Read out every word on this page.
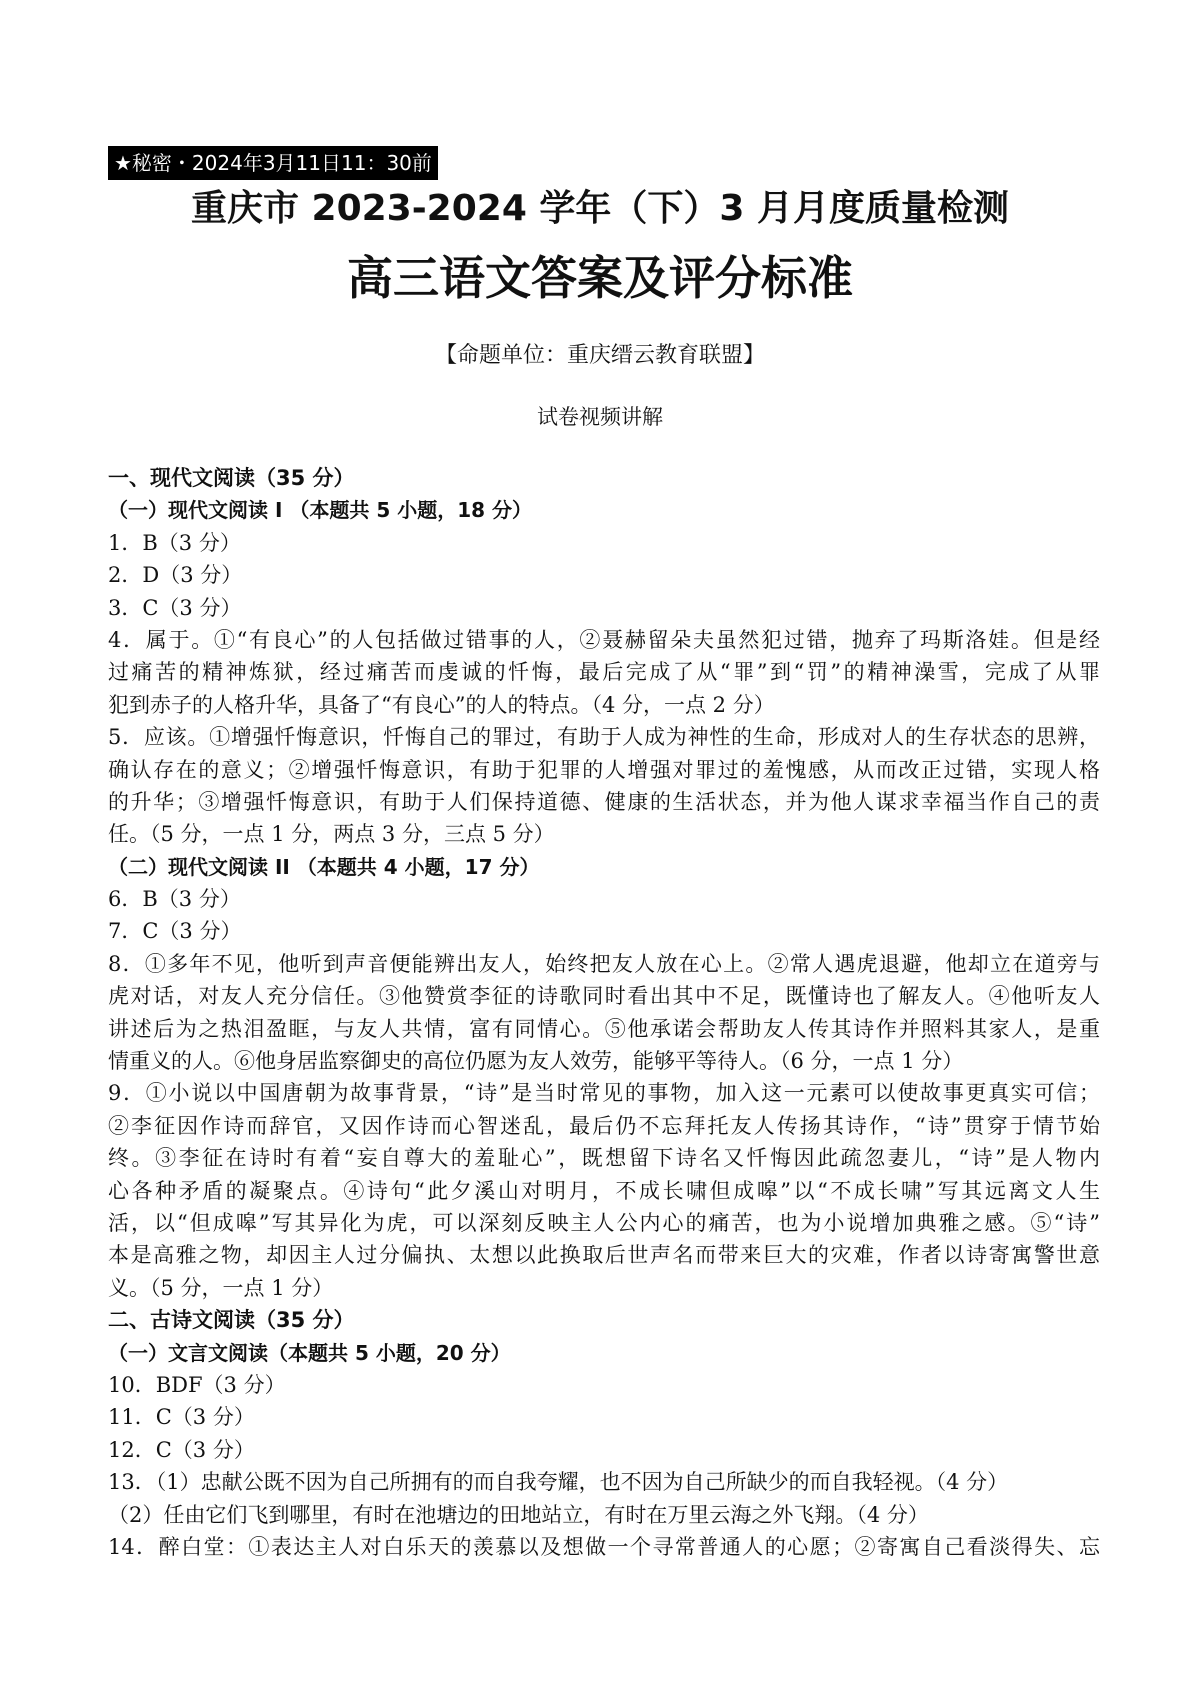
★秘密・2024年3月11日11：30前
重庆市 2023-2024 学年（下）3 月月度质量检测
高三语文答案及评分标准
【命题单位：重庆缙云教育联盟】
试卷视频讲解
一、现代文阅读（35 分）
（一）现代文阅读 I （本题共 5 小题，18 分）
1．B（3 分）
2．D（3 分）
3．C（3 分）
4．属于。①“有良心”的人包括做过错事的人，②聂赫留朵夫虽然犯过错，抛弃了玛斯洛娃。但是经
过痛苦的精神炼狱，经过痛苦而虔诚的忏悔，最后完成了从“罪”到“罚”的精神澡雪，完成了从罪
犯到赤子的人格升华，具备了“有良心”的人的特点。（4 分，一点 2 分）
5．应该。①增强忏悔意识，忏悔自己的罪过，有助于人成为神性的生命，形成对人的生存状态的思辨，
确认存在的意义；②增强忏悔意识，有助于犯罪的人增强对罪过的羞愧感，从而改正过错，实现人格
的升华；③增强忏悔意识，有助于人们保持道德、健康的生活状态，并为他人谋求幸福当作自己的责
任。（5 分，一点 1 分，两点 3 分，三点 5 分）
（二）现代文阅读 II （本题共 4 小题，17 分）
6．B（3 分）
7．C（3 分）
8．①多年不见，他听到声音便能辨出友人，始终把友人放在心上。②常人遇虎退避，他却立在道旁与
虎对话，对友人充分信任。③他赞赏李征的诗歌同时看出其中不足，既懂诗也了解友人。④他听友人
讲述后为之热泪盈眶，与友人共情，富有同情心。⑤他承诺会帮助友人传其诗作并照料其家人，是重
情重义的人。⑥他身居监察御史的高位仍愿为友人效劳，能够平等待人。（6 分，一点 1 分）
9．①小说以中国唐朝为故事背景，“诗”是当时常见的事物，加入这一元素可以使故事更真实可信；
②李征因作诗而辞官，又因作诗而心智迷乱，最后仍不忘拜托友人传扬其诗作，“诗”贯穿于情节始
终。③李征在诗时有着“妄自尊大的羞耻心”，既想留下诗名又忏悔因此疏忽妻儿，“诗”是人物内
心各种矛盾的凝聚点。④诗句“此夕溪山对明月，不成长啸但成嗥”以“不成长啸”写其远离文人生
活，以“但成嗥”写其异化为虎，可以深刻反映主人公内心的痛苦，也为小说增加典雅之感。⑤“诗”
本是高雅之物，却因主人过分偏执、太想以此换取后世声名而带来巨大的灾难，作者以诗寄寓警世意
义。（5 分，一点 1 分）
二、古诗文阅读（35 分）
（一）文言文阅读（本题共 5 小题，20 分）
10．BDF（3 分）
11．C（3 分）
12．C（3 分）
13．（1）忠献公既不因为自己所拥有的而自我夸耀，也不因为自己所缺少的而自我轻视。（4 分）
（2）任由它们飞到哪里，有时在池塘边的田地站立，有时在万里云海之外飞翔。（4 分）
14．醉白堂：①表达主人对白乐天的羡慕以及想做一个寻常普通人的心愿；②寄寓自己看淡得失、忘
